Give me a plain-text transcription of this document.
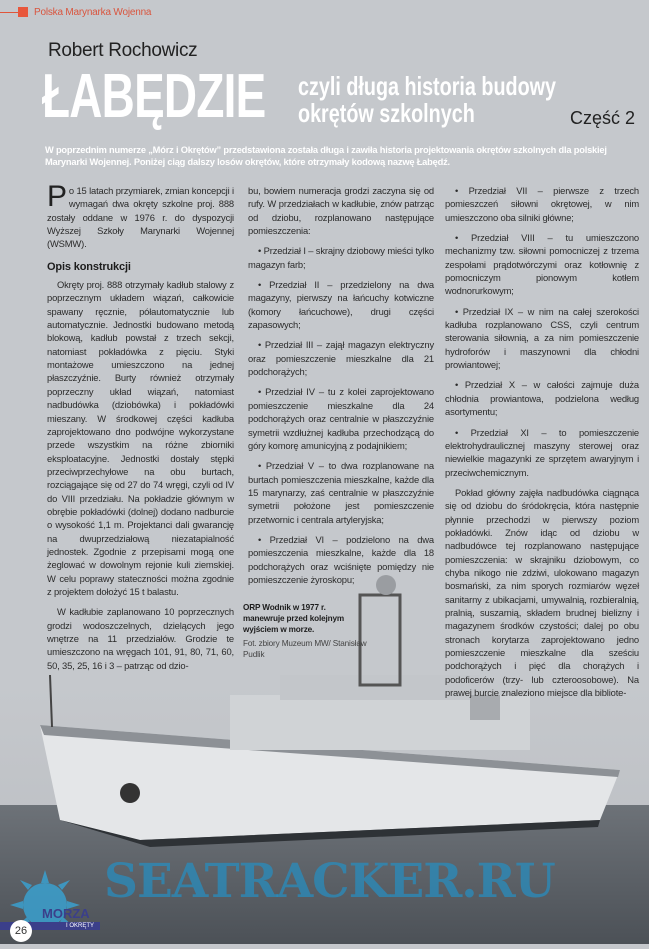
Polska Marynarka Wojenna
Robert Rochowicz
ŁABĘDZIE czyli długa historia budowy
okrętów szkolnych	Część 2
W poprzednim numerze „Mórz i Okrętów” przedstawiona została długa i zawiła historia projektowania okrętów szkolnych dla polskiej Marynarki Wojennej. Poniżej ciąg dalszy losów okrętów, które otrzymały kodową nazwę Łabędź.

Po 15 latach przymiarek, zmian koncepcji i wymagań dwa okręty szkolne proj. 888 zostały oddane w 1976 r. do dyspozycji Wyższej Szkoły Marynarki Wojennej (WSMW).

Opis konstrukcji

Okręty proj. 888 otrzymały kadłub stalowy z poprzecznym układem wiązań, całkowicie spawany ręcznie, półautomatycznie lub automatycznie. Jednostki budowano metodą blokową, kadłub powstał z trzech sekcji, natomiast pokładówka z pięciu. Styki montażowe umieszczono na jednej płaszczyźnie. Burty również otrzymały poprzeczny układ wiązań, natomiast nadbudówka (dziobówka) i pokładówki mieszany. W środkowej części kadłuba zaprojektowano dno podwójne wykorzystane przede wszystkim na różne zbiorniki eksploatacyjne. Jednostki dostały stępki przeciwprzechyłowe na obu burtach, rozciągające się od 27 do 74 wręgi, czyli od IV do VIII przedziału. Na pokładzie głównym w obrębie pokładówki (dolnej) dodano nadburcie o wysokość 1,1 m. Projektanci dali gwarancję na dwuprzedziałową niezatapialność jednostek. Zgodnie z przepisami mogą one żeglować w dowolnym rejonie kuli ziemskiej. W celu poprawy stateczności można zgodnie z projektem dołożyć 15 t balastu.

W kadłubie zaplanowano 10 poprzecznych grodzi wodoszczelnych, dzielących jego wnętrze na 11 przedziałów. Grodzie te umieszczono na wręgach 101, 91, 80, 71, 60, 50, 35, 25, 16 i 3 – patrząc od dzio-

bu, bowiem numeracja grodzi zaczyna się od rufy. W przedziałach w kadłubie, znów patrząc od dziobu, rozplanowano następujące pomieszczenia:

• Przedział I – skrajny dziobowy mieści tylko magazyn farb;

• Przedział II – przedzielony na dwa magazyny, pierwszy na łańcuchy kotwiczne (komory łańcuchowe), drugi części zapasowych;

• Przedział III – zajął magazyn elektryczny oraz pomieszczenie mieszkalne dla 21 podchorążych;

• Przedział IV – tu z kolei zaprojektowano pomieszczenie mieszkalne dla 24 podchorążych oraz centralnie w płaszczyźnie symetrii wzdłużnej kadłuba przechodzącą do góry komorę amunicyjną z podajnikiem;

• Przedział V – to dwa rozplanowane na burtach pomieszczenia mieszkalne, każde dla 15 marynarzy, zaś centralnie w płaszczyźnie symetrii położone jest pomieszczenie przetwornic i centrala artyleryjska;

• Przedział VI – podzielono na dwa pomieszczenia mieszkalne, każde dla 18 podchorążych oraz wciśnięte pomiędzy nie pomieszczenie żyroskopu;

ORP Wodnik w 1977 r. manewruje przed kolejnym wyjściem w morze.
Fot. zbiory Muzeum MW/ Stanisław Pudlik

• Przedział VII – pierwsze z trzech pomieszczeń siłowni okrętowej, w nim umieszczono oba silniki główne;

• Przedział VIII – tu umieszczono mechanizmy tzw. siłowni pomocniczej z trzema zespołami prądotwórczymi oraz kotłownię z pomocniczym pionowym kotłem wodnorurkowym;

• Przedział IX – w nim na całej szerokości kadłuba rozplanowano CSS, czyli centrum sterowania siłownią, a za nim pomieszczenie hydroforów i maszynowni dla chłodni prowiantowej;

• Przedział X – w całości zajmuje duża chłodnia prowiantowa, podzielona według asortymentu;

• Przedział XI – to pomieszczenie elektrohydraulicznej maszyny sterowej oraz niewielkie magazynki ze sprzętem awaryjnym i przeciwchemicznym.

Pokład główny zajęła nadbudówka ciągnąca się od dziobu do śródokręcia, która następnie płynnie przechodzi w pierwszy poziom pokładówki. Znów idąc od dziobu w nadbudówce tej rozplanowano następujące pomieszczenia: w skrajniku dziobowym, co chyba nikogo nie zdziwi, ulokowano magazyn bosmański, za nim sporych rozmiarów węzeł sanitarny z ubikacjami, umywalnią, rozbieralnią, pralnią, suszarnią, składem brudnej bielizny i magazynem środków czystości; dalej po obu stronach korytarza zaprojektowano jedno pomieszczenie mieszkalne dla sześciu podchorążych i pięć dla chorążych i podoficerów (trzy- lub czteroosobowe). Na prawej burcie znaleziono miejsce dla bibliote-

SEATRACKER.RU
MORZA
I OKRĘTY
26
